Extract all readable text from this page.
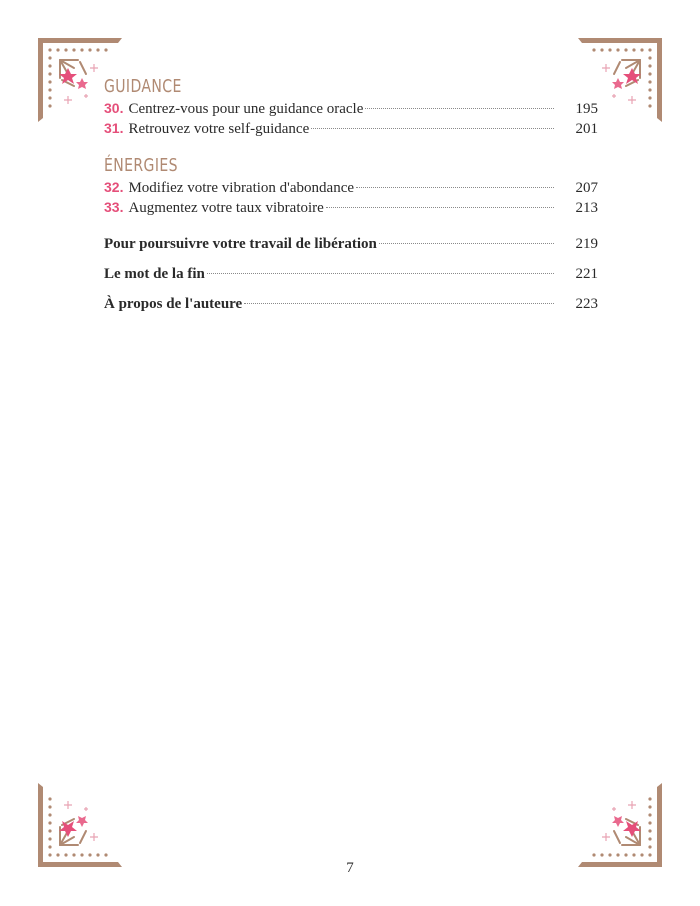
GUIDANCE
30. Centrez-vous pour une guidance oracle	195
31. Retrouvez votre self-guidance	201
ÉNERGIES
32. Modifiez votre vibration d'abondance	207
33. Augmentez votre taux vibratoire	213
Pour poursuivre votre travail de libération	219
Le mot de la fin	221
À propos de l'auteure	223
7
